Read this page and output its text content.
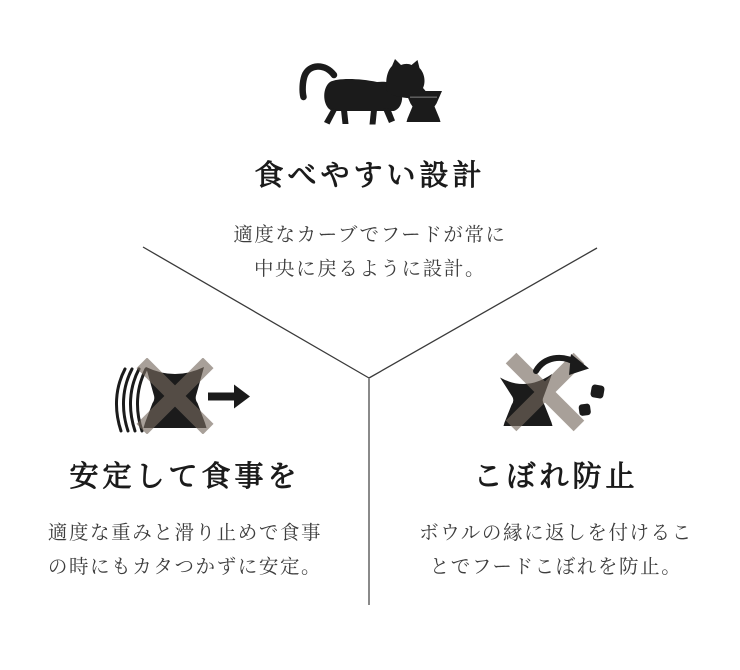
食べやすい設計

適度なカーブでフードが常に
中央に戻るように設計。

安定して食事を

適度な重みと滑り止めで食事
の時にもカタつかずに安定。

こぼれ防止

ボウルの縁に返しを付けるこ
とでフードこぼれを防止。
